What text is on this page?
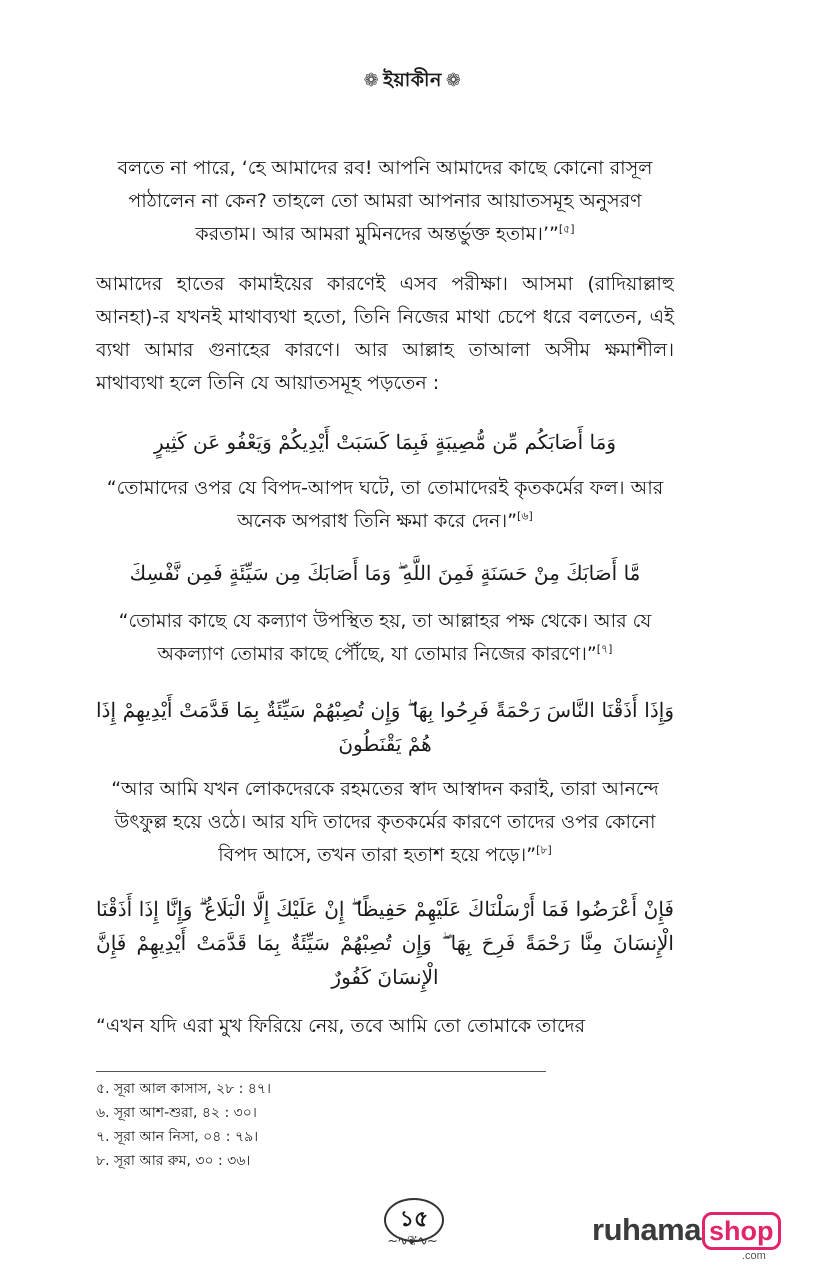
❁ ইয়াকীন ❁
বলতে না পারে, ‘হে আমাদের রব! আপনি আমাদের কাছে কোনো রাসূল পাঠালেন না কেন? তাহলে তো আমরা আপনার আয়াতসমূহ অনুসরণ করতাম। আর আমরা মুমিনদের অন্তর্ভুক্ত হতাম।’”[৫]
আমাদের হাতের কামাইয়ের কারণেই এসব পরীক্ষা। আসমা (রাদিয়াল্লাহু আনহা)-র যখনই মাথাব্যথা হতো, তিনি নিজের মাথা চেপে ধরে বলতেন, এই ব্যথা আমার গুনাহের কারণে। আর আল্লাহ তাআলা অসীম ক্ষমাশীল। মাথাব্যথা হলে তিনি যে আয়াতসমূহ পড়তেন :
وَمَا أَصَابَكُم مِّن مُّصِيبَةٍ فَبِمَا كَسَبَتْ أَيْدِيكُمْ وَيَعْفُو عَن كَثِيرٍ
“তোমাদের ওপর যে বিপদ-আপদ ঘটে, তা তোমাদেরই কৃতকর্মের ফল। আর অনেক অপরাধ তিনি ক্ষমা করে দেন।”[৬]
مَّا أَصَابَكَ مِنْ حَسَنَةٍ فَمِنَ اللَّهِ ۖ وَمَا أَصَابَكَ مِن سَيِّئَةٍ فَمِن نَّفْسِكَ
“তোমার কাছে যে কল্যাণ উপস্থিত হয়, তা আল্লাহর পক্ষ থেকে। আর যে অকল্যাণ তোমার কাছে পৌঁছে, যা তোমার নিজের কারণে।”[৭]
وَإِذَا أَذَقْنَا النَّاسَ رَحْمَةً فَرِحُوا بِهَا ۖ وَإِن تُصِبْهُمْ سَيِّئَةٌ بِمَا قَدَّمَتْ أَيْدِيهِمْ إِذَا هُمْ يَقْنَطُونَ
“আর আমি যখন লোকদেরকে রহমতের স্বাদ আস্বাদন করাই, তারা আনন্দে উৎফুল্ল হয়ে ওঠে। আর যদি তাদের কৃতকর্মের কারণে তাদের ওপর কোনো বিপদ আসে, তখন তারা হতাশ হয়ে পড়ে।”[৮]
فَإِنْ أَعْرَضُوا فَمَا أَرْسَلْنَاكَ عَلَيْهِمْ حَفِيظًا ۖ إِنْ عَلَيْكَ إِلَّا الْبَلَاغُ ۗ وَإِنَّا إِذَا أَذَقْنَا الْإِنسَانَ مِنَّا رَحْمَةً فَرِحَ بِهَا ۖ وَإِن تُصِبْهُمْ سَيِّئَةٌ بِمَا قَدَّمَتْ أَيْدِيهِمْ فَإِنَّ الْإِنسَانَ كَفُورٌ
“এখন যদি এরা মুখ ফিরিয়ে নেয়, তবে আমি তো তোমাকে তাদের
৫. সূরা আল কাসাস, ২৮ : ৪৭।
৬. সূরা আশ-শুরা, ৪২ : ৩০।
৭. সূরা আন নিসা, ০৪ : ৭৯।
৮. সূরা আর রুম, ৩০ : ৩৬।
১৫
~∿❦∿~	ruhama shop
.com
